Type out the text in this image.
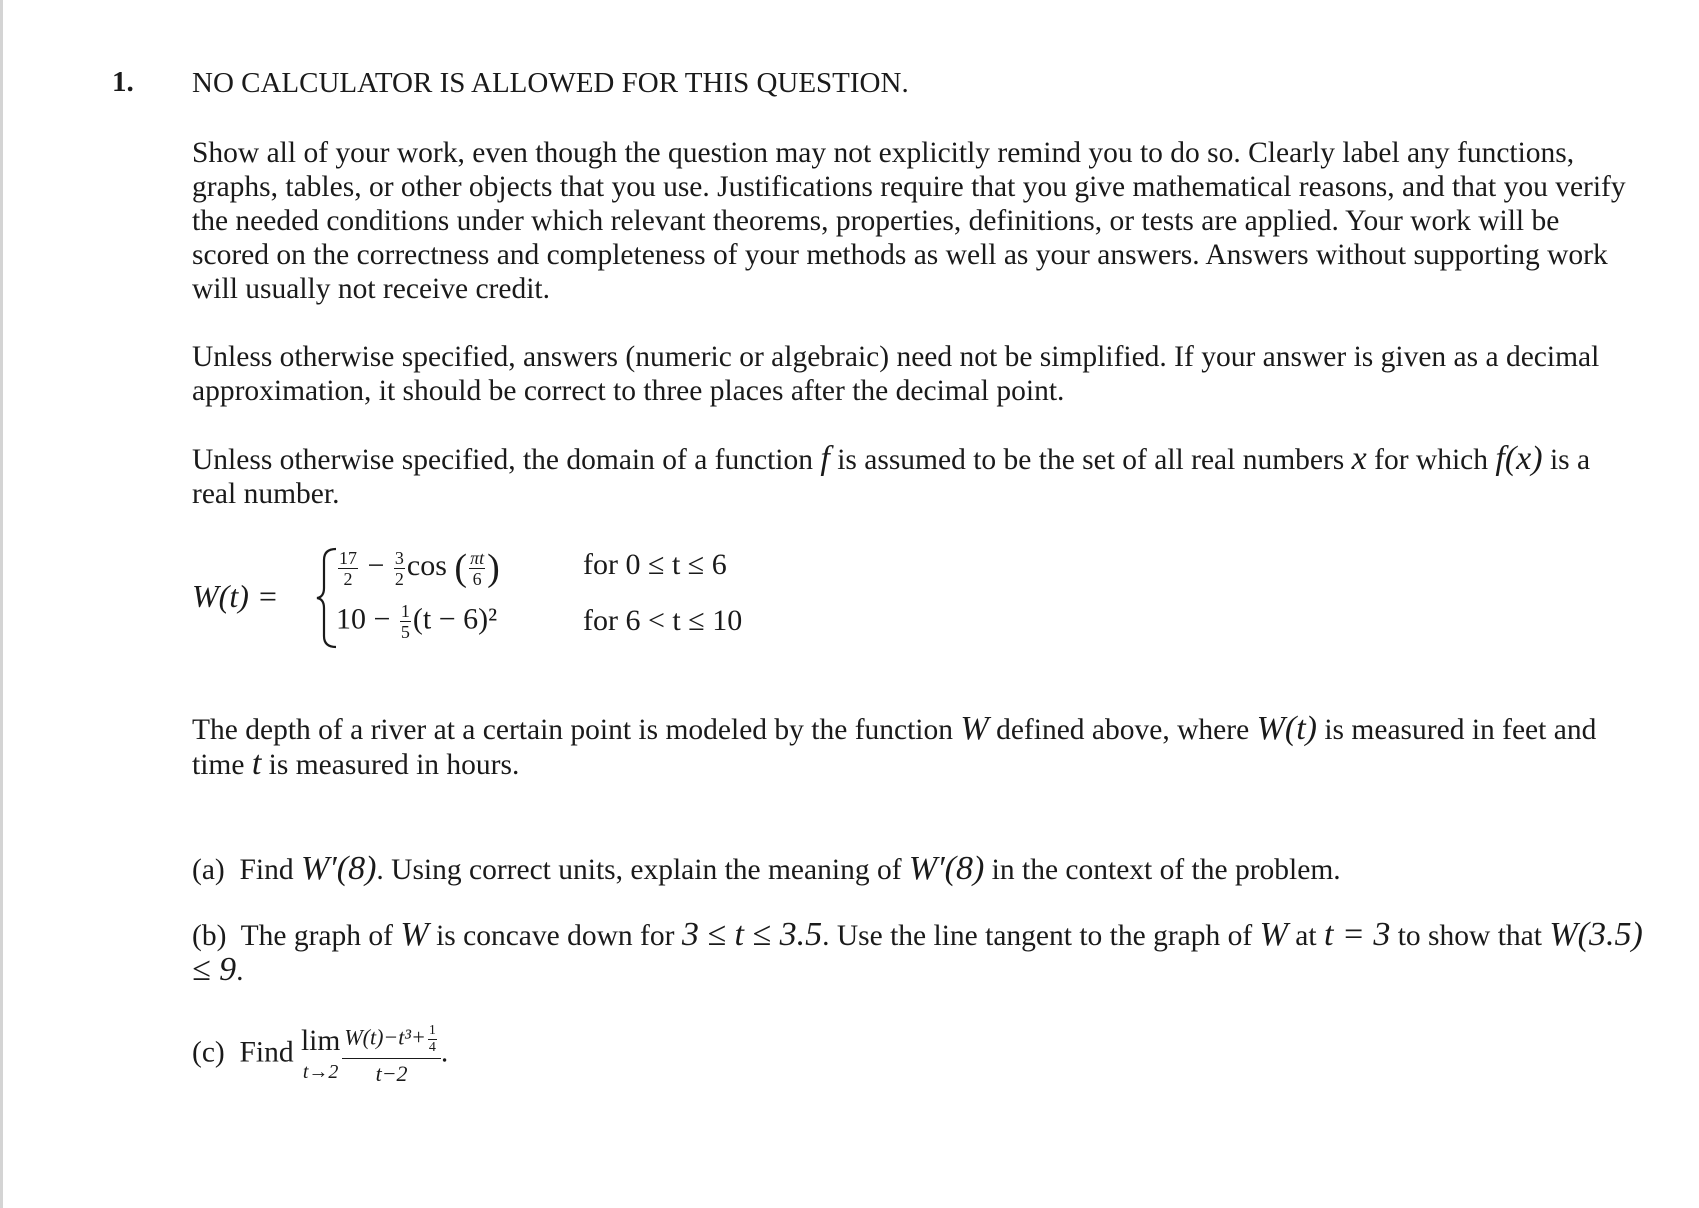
1. NO CALCULATOR IS ALLOWED FOR THIS QUESTION.
Show all of your work, even though the question may not explicitly remind you to do so. Clearly label any functions, graphs, tables, or other objects that you use. Justifications require that you give mathematical reasons, and that you verify the needed conditions under which relevant theorems, properties, definitions, or tests are applied. Your work will be scored on the correctness and completeness of your methods as well as your answers. Answers without supporting work will usually not receive credit.
Unless otherwise specified, answers (numeric or algebraic) need not be simplified. If your answer is given as a decimal approximation, it should be correct to three places after the decimal point.
Unless otherwise specified, the domain of a function f is assumed to be the set of all real numbers x for which f(x) is a real number.
W(t) =
$\frac{17}{2} - \frac{3}{2}$ cos ( $\frac{\pi t}{6}$ )	for 0 ≤ t ≤ 6
$10 - \frac{1}{5} (t - 6)^2$	for 6 < t ≤ 10
The depth of a river at a certain point is modeled by the function W defined above, where W(t) is measured in feet and time t is measured in hours.
(a) Find W′(8). Using correct units, explain the meaning of W′(8) in the context of the problem.
(b) The graph of W is concave down for 3 ≤ t ≤ 3.5. Use the line tangent to the graph of W at t = 3 to show that W(3.5) ≤ 9.
(c) Find lim
$t\to 2 \frac{W(t)-t^3+ \frac{1}{4}}{t-2}$ .
